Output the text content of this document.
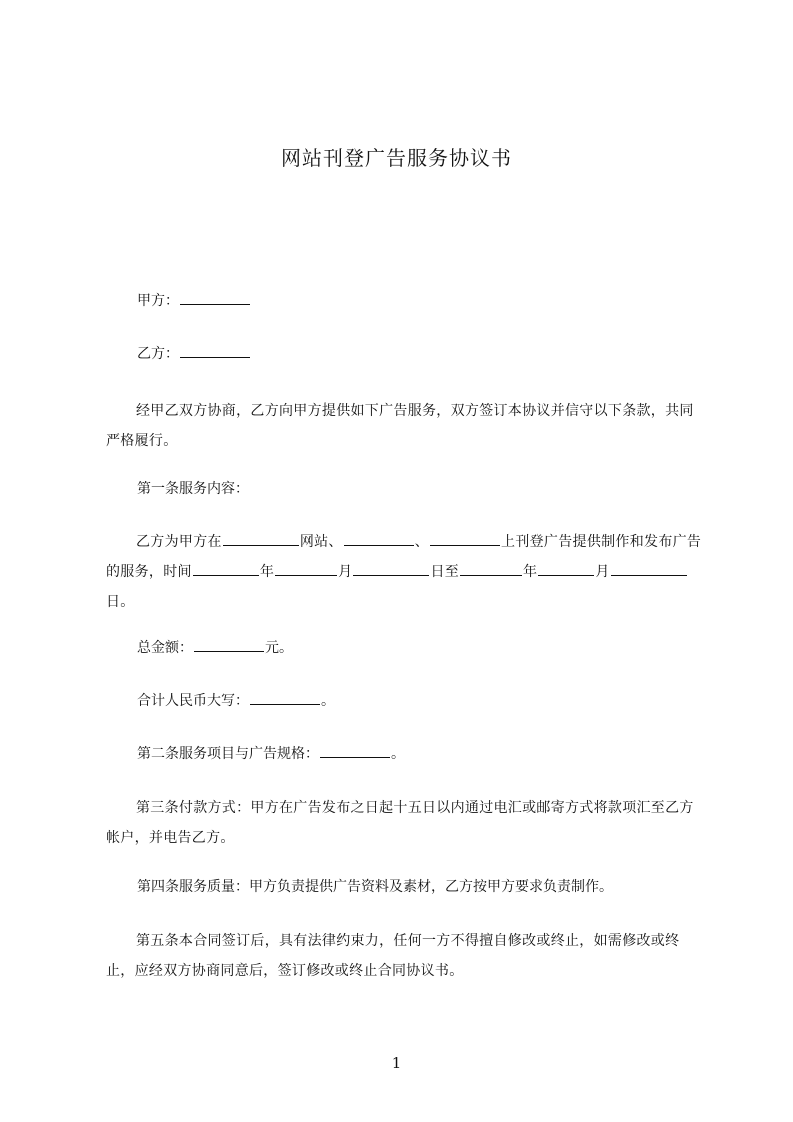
网站刊登广告服务协议书
甲方：
乙方：
经甲乙双方协商，乙方向甲方提供如下广告服务，双方签订本协议并信守以下条款，共同严格履行。
第一条服务内容：
乙方为甲方在	网站、	、	上刊登广告提供制作和发布广告的服务，时间	年	月	日至	年	月日。
总金额：	元。
合计人民币大写：	。
第二条服务项目与广告规格：	。
第三条付款方式：甲方在广告发布之日起十五日以内通过电汇或邮寄方式将款项汇至乙方帐户，并电告乙方。
第四条服务质量：甲方负责提供广告资料及素材，乙方按甲方要求负责制作。
第五条本合同签订后，具有法律约束力，任何一方不得擅自修改或终止，如需修改或终止，应经双方协商同意后，签订修改或终止合同协议书。
1
